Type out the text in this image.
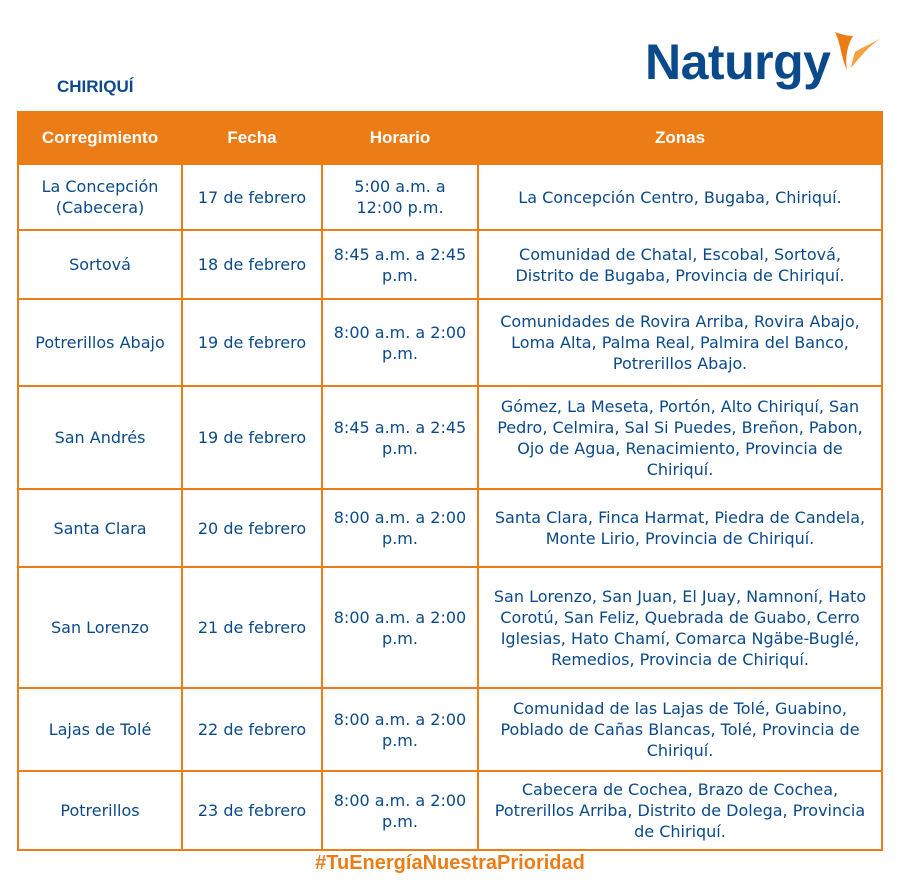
CHIRIQUÍ	Naturgy
Corregimiento	Fecha	Horario	Zonas
La Concepción (Cabecera)	17 de febrero	5:00 a.m. a 12:00 p.m.	La Concepción Centro, Bugaba, Chiriquí.
Sortová	18 de febrero	8:45 a.m. a 2:45 p.m.	Comunidad de Chatal, Escobal, Sortová, Distrito de Bugaba, Provincia de Chiriquí.
Potrerillos Abajo	19 de febrero	8:00 a.m. a 2:00 p.m.	Comunidades de Rovira Arriba, Rovira Abajo, Loma Alta, Palma Real, Palmira del Banco, Potrerillos Abajo.
San Andrés	19 de febrero	8:45 a.m. a 2:45 p.m.	Gómez, La Meseta, Portón, Alto Chiriquí, San Pedro, Celmira, Sal Si Puedes, Breñon, Pabon, Ojo de Agua, Renacimiento, Provincia de Chiriquí.
Santa Clara	20 de febrero	8:00 a.m. a 2:00 p.m.	Santa Clara, Finca Harmat, Piedra de Candela, Monte Lirio, Provincia de Chiriquí.
San Lorenzo	21 de febrero	8:00 a.m. a 2:00 p.m.	San Lorenzo, San Juan, El Juay, Namnoní, Hato Corotú, San Feliz, Quebrada de Guabo, Cerro Iglesias, Hato Chamí, Comarca Ngäbe-Buglé, Remedios, Provincia de Chiriquí.
Lajas de Tolé	22 de febrero	8:00 a.m. a 2:00 p.m.	Comunidad de las Lajas de Tolé, Guabino, Poblado de Cañas Blancas, Tolé, Provincia de Chiriquí.
Potrerillos	23 de febrero	8:00 a.m. a 2:00 p.m.	Cabecera de Cochea, Brazo de Cochea, Potrerillos Arriba, Distrito de Dolega, Provincia de Chiriquí.
#TuEnergíaNuestraPrioridad
